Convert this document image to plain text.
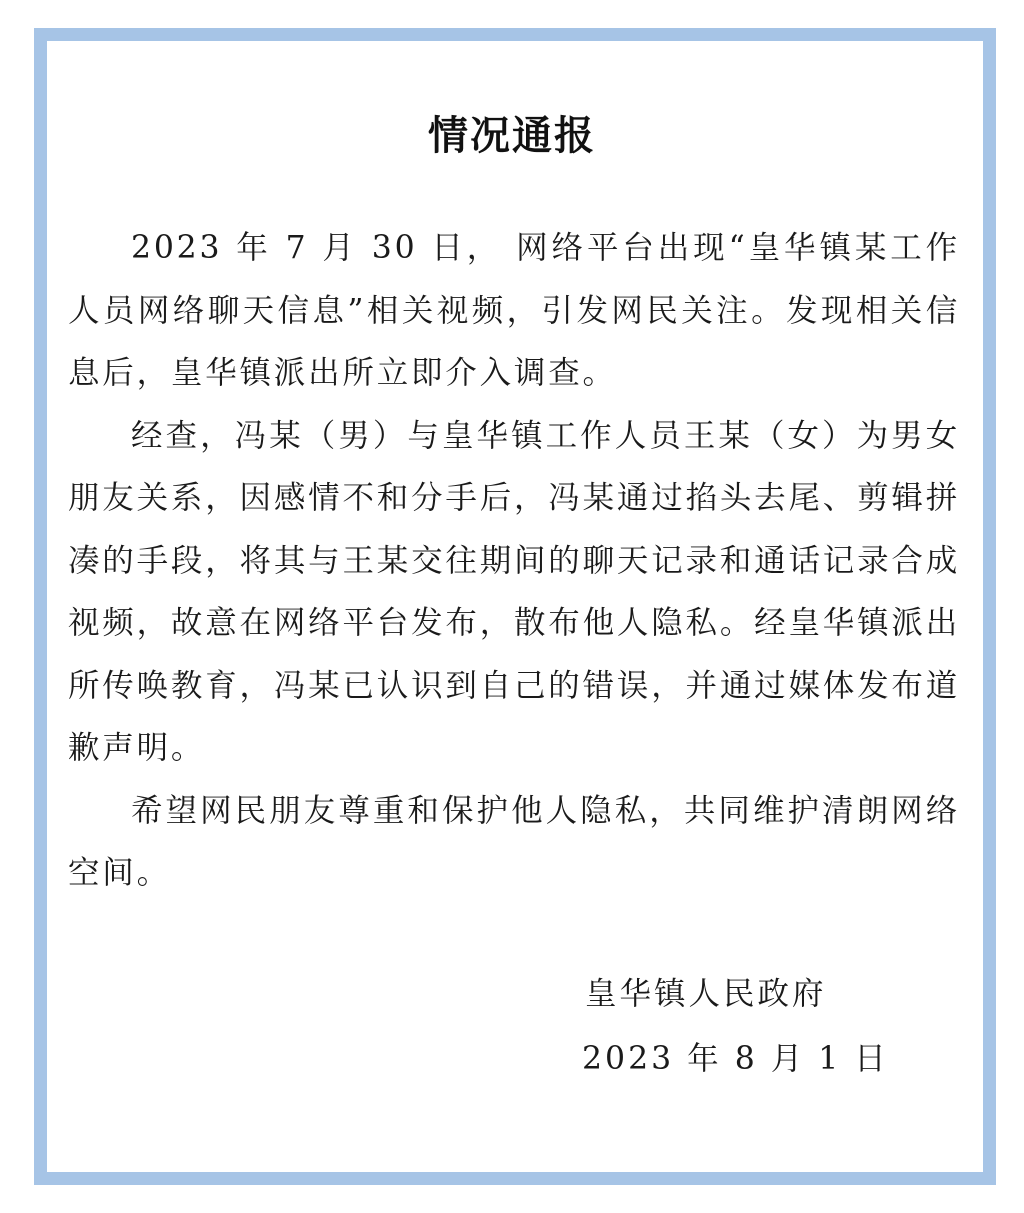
情况通报

2023 年 7 月 30 日， 网络平台出现“皇华镇某工作人员网络聊天信息”相关视频，引发网民关注。发现相关信息后，皇华镇派出所立即介入调查。

经查，冯某（男）与皇华镇工作人员王某（女）为男女朋友关系，因感情不和分手后，冯某通过掐头去尾、剪辑拼凑的手段，将其与王某交往期间的聊天记录和通话记录合成视频，故意在网络平台发布，散布他人隐私。经皇华镇派出所传唤教育，冯某已认识到自己的错误，并通过媒体发布道歉声明。

希望网民朋友尊重和保护他人隐私，共同维护清朗网络空间。

皇华镇人民政府
2023 年 8 月 1 日
